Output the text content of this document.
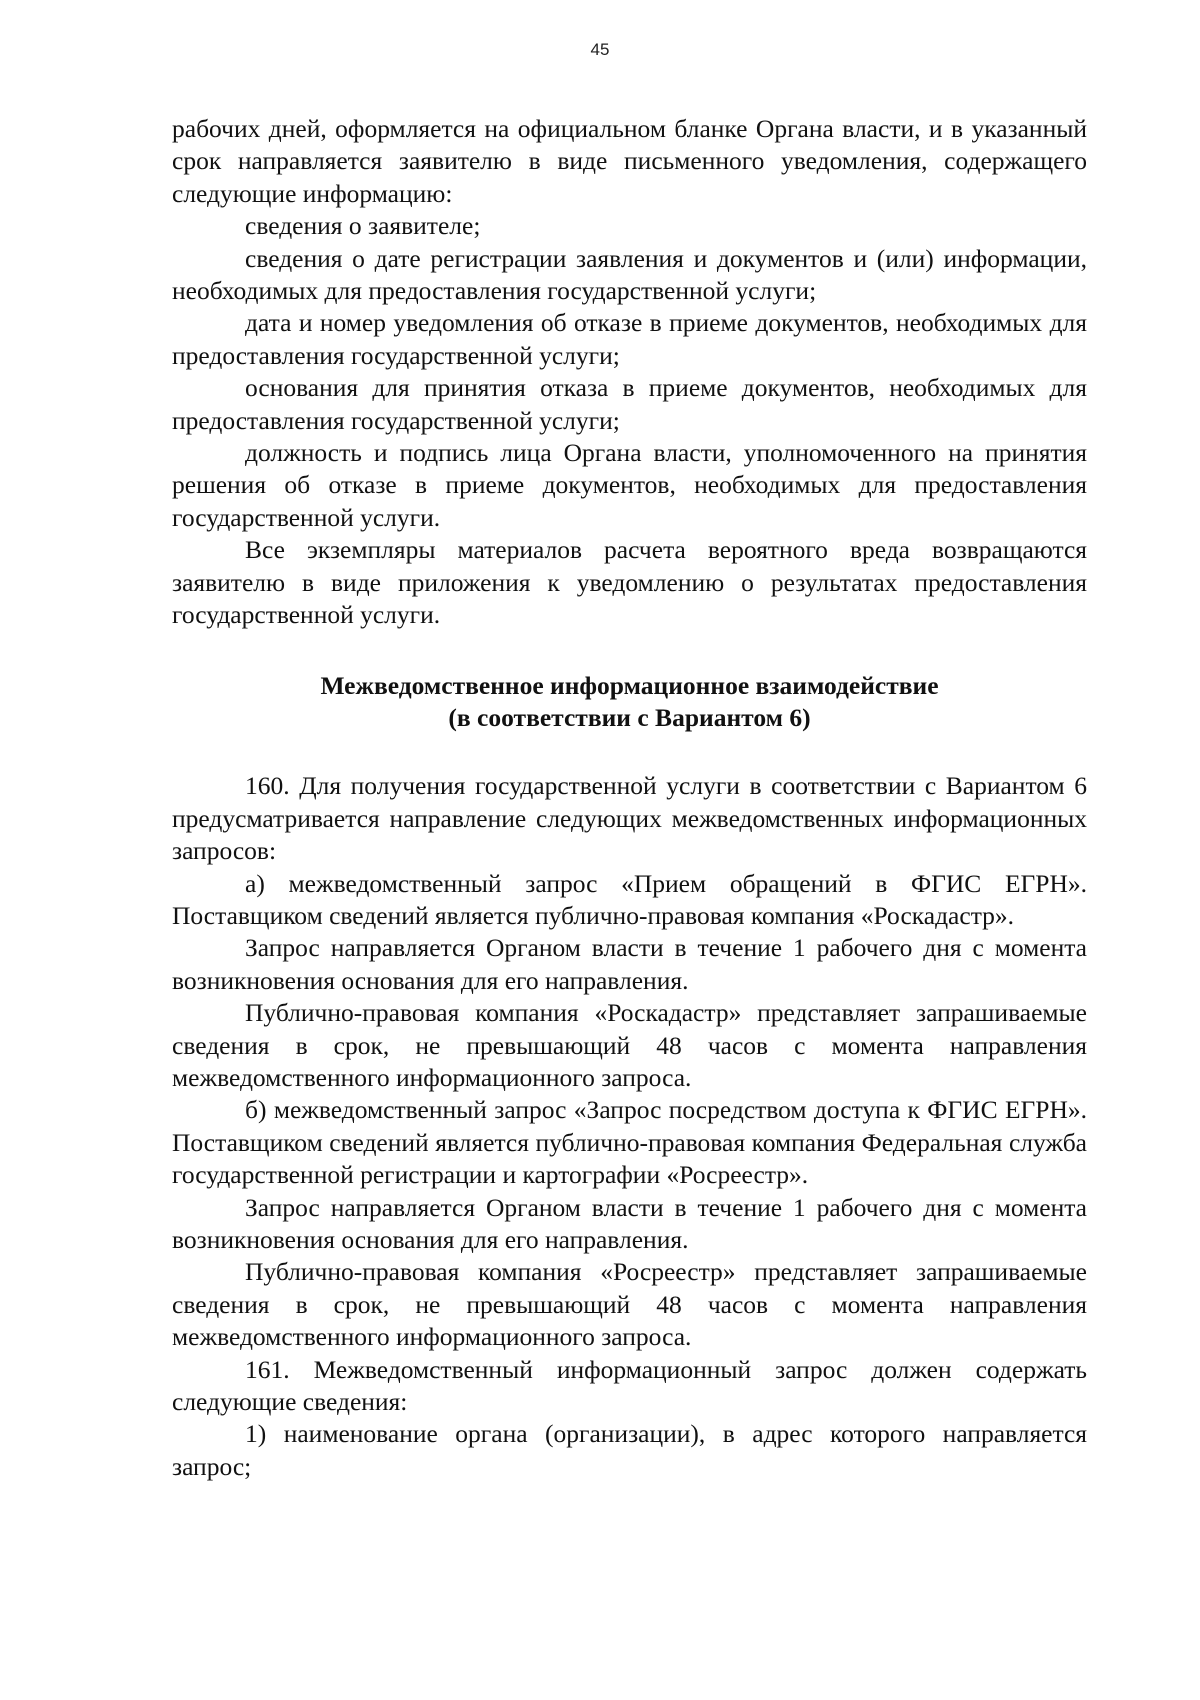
45

рабочих дней, оформляется на официальном бланке Органа власти, и в указанный срок направляется заявителю в виде письменного уведомления, содержащего следующие информацию:

сведения о заявителе;

сведения о дате регистрации заявления и документов и (или) информации, необходимых для предоставления государственной услуги;

дата и номер уведомления об отказе в приеме документов, необходимых для предоставления государственной услуги;

основания для принятия отказа в приеме документов, необходимых для предоставления государственной услуги;

должность и подпись лица Органа власти, уполномоченного на принятия решения об отказе в приеме документов, необходимых для предоставления государственной услуги.

Все экземпляры материалов расчета вероятного вреда возвращаются заявителю в виде приложения к уведомлению о результатах предоставления государственной услуги.

Межведомственное информационное взаимодействие
(в соответствии с Вариантом 6)

160. Для получения государственной услуги в соответствии с Вариантом 6 предусматривается направление следующих межведомственных информационных запросов:

а) межведомственный запрос «Прием обращений в ФГИС ЕГРН». Поставщиком сведений является публично-правовая компания «Роскадастр».

Запрос направляется Органом власти в течение 1 рабочего дня с момента возникновения основания для его направления.

Публично-правовая компания «Роскадастр» представляет запрашиваемые сведения в срок, не превышающий 48 часов с момента направления межведомственного информационного запроса.

б) межведомственный запрос «Запрос посредством доступа к ФГИС ЕГРН». Поставщиком сведений является публично-правовая компания Федеральная служба государственной регистрации и картографии «Росреестр».

Запрос направляется Органом власти в течение 1 рабочего дня с момента возникновения основания для его направления.

Публично-правовая компания «Росреестр» представляет запрашиваемые сведения в срок, не превышающий 48 часов с момента направления межведомственного информационного запроса.

161. Межведомственный информационный запрос должен содержать следующие сведения:

1) наименование органа (организации), в адрес которого направляется запрос;
